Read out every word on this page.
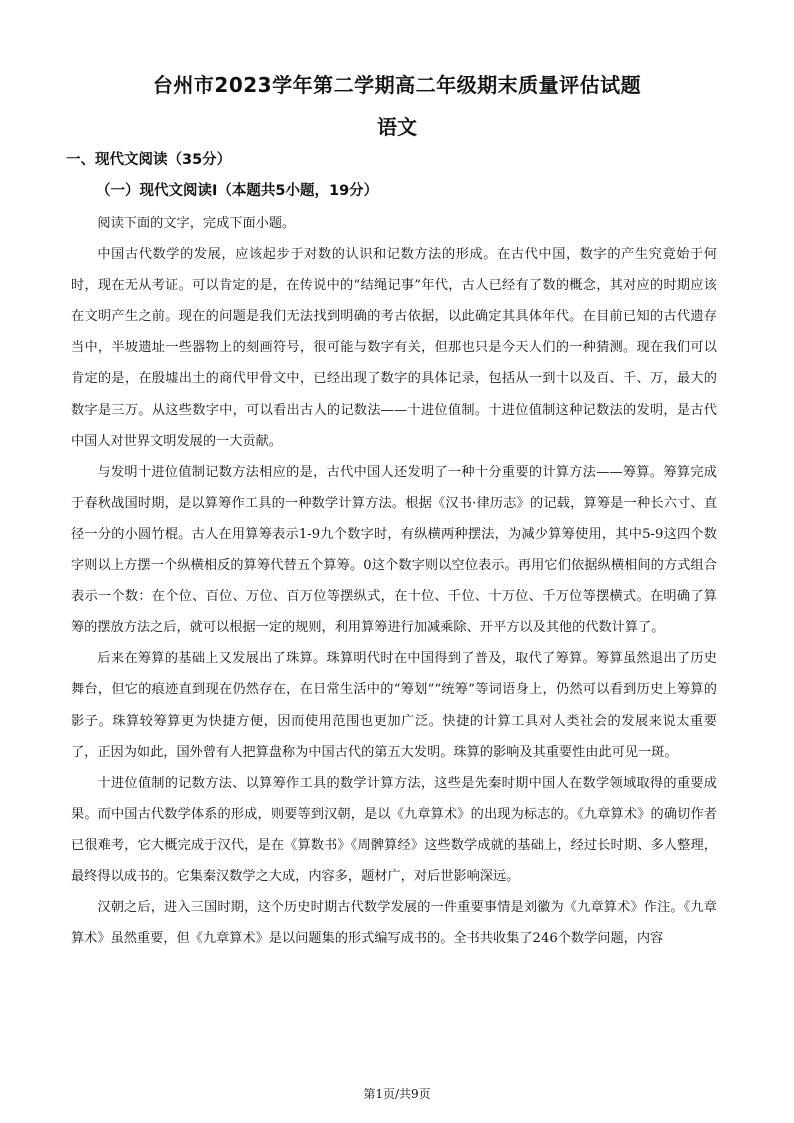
台州市2023学年第二学期高二年级期末质量评估试题
语文
一、现代文阅读（35分）
（一）现代文阅读Ⅰ（本题共5小题，19分）

阅读下面的文字，完成下面小题。

中国古代数学的发展，应该起步于对数的认识和记数方法的形成。在古代中国，数字的产生究竟始于何时，现在无从考证。可以肯定的是，在传说中的“结绳记事”年代，古人已经有了数的概念，其对应的时期应该在文明产生之前。现在的问题是我们无法找到明确的考古依据，以此确定其具体年代。在目前已知的古代遗存当中，半坡遗址一些器物上的刻画符号，很可能与数字有关，但那也只是今天人们的一种猜测。现在我们可以肯定的是，在殷墟出土的商代甲骨文中，已经出现了数字的具体记录，包括从一到十以及百、千、万，最大的数字是三万。从这些数字中，可以看出古人的记数法——十进位值制。十进位值制这种记数法的发明，是古代中国人对世界文明发展的一大贡献。

与发明十进位值制记数方法相应的是，古代中国人还发明了一种十分重要的计算方法——筹算。筹算完成于春秋战国时期，是以算筹作工具的一种数学计算方法。根据《汉书·律历志》的记载，算筹是一种长六寸、直径一分的小圆竹棍。古人在用算筹表示1-9九个数字时，有纵横两种摆法，为减少算筹使用，其中5-9这四个数字则以上方摆一个纵横相反的算筹代替五个算筹。0这个数字则以空位表示。再用它们依据纵横相间的方式组合表示一个数：在个位、百位、万位、百万位等摆纵式，在十位、千位、十万位、千万位等摆横式。在明确了算筹的摆放方法之后，就可以根据一定的规则，利用算筹进行加减乘除、开平方以及其他的代数计算了。

后来在筹算的基础上又发展出了珠算。珠算明代时在中国得到了普及，取代了筹算。筹算虽然退出了历史舞台，但它的痕迹直到现在仍然存在，在日常生活中的“筹划”“统筹”等词语身上，仍然可以看到历史上筹算的影子。珠算较筹算更为快捷方便，因而使用范围也更加广泛。快捷的计算工具对人类社会的发展来说太重要了，正因为如此，国外曾有人把算盘称为中国古代的第五大发明。珠算的影响及其重要性由此可见一斑。

十进位值制的记数方法、以算筹作工具的数学计算方法，这些是先秦时期中国人在数学领域取得的重要成果。而中国古代数学体系的形成，则要等到汉朝，是以《九章算术》的出现为标志的。《九章算术》的确切作者已很难考，它大概完成于汉代，是在《算数书》《周髀算经》这些数学成就的基础上，经过长时期、多人整理，最终得以成书的。它集秦汉数学之大成，内容多，题材广，对后世影响深远。

汉朝之后，进入三国时期，这个历史时期古代数学发展的一件重要事情是刘徽为《九章算术》作注。《九章算术》虽然重要，但《九章算术》是以问题集的形式编写成书的。全书共收集了246个数学问题，内容

第1页/共9页
